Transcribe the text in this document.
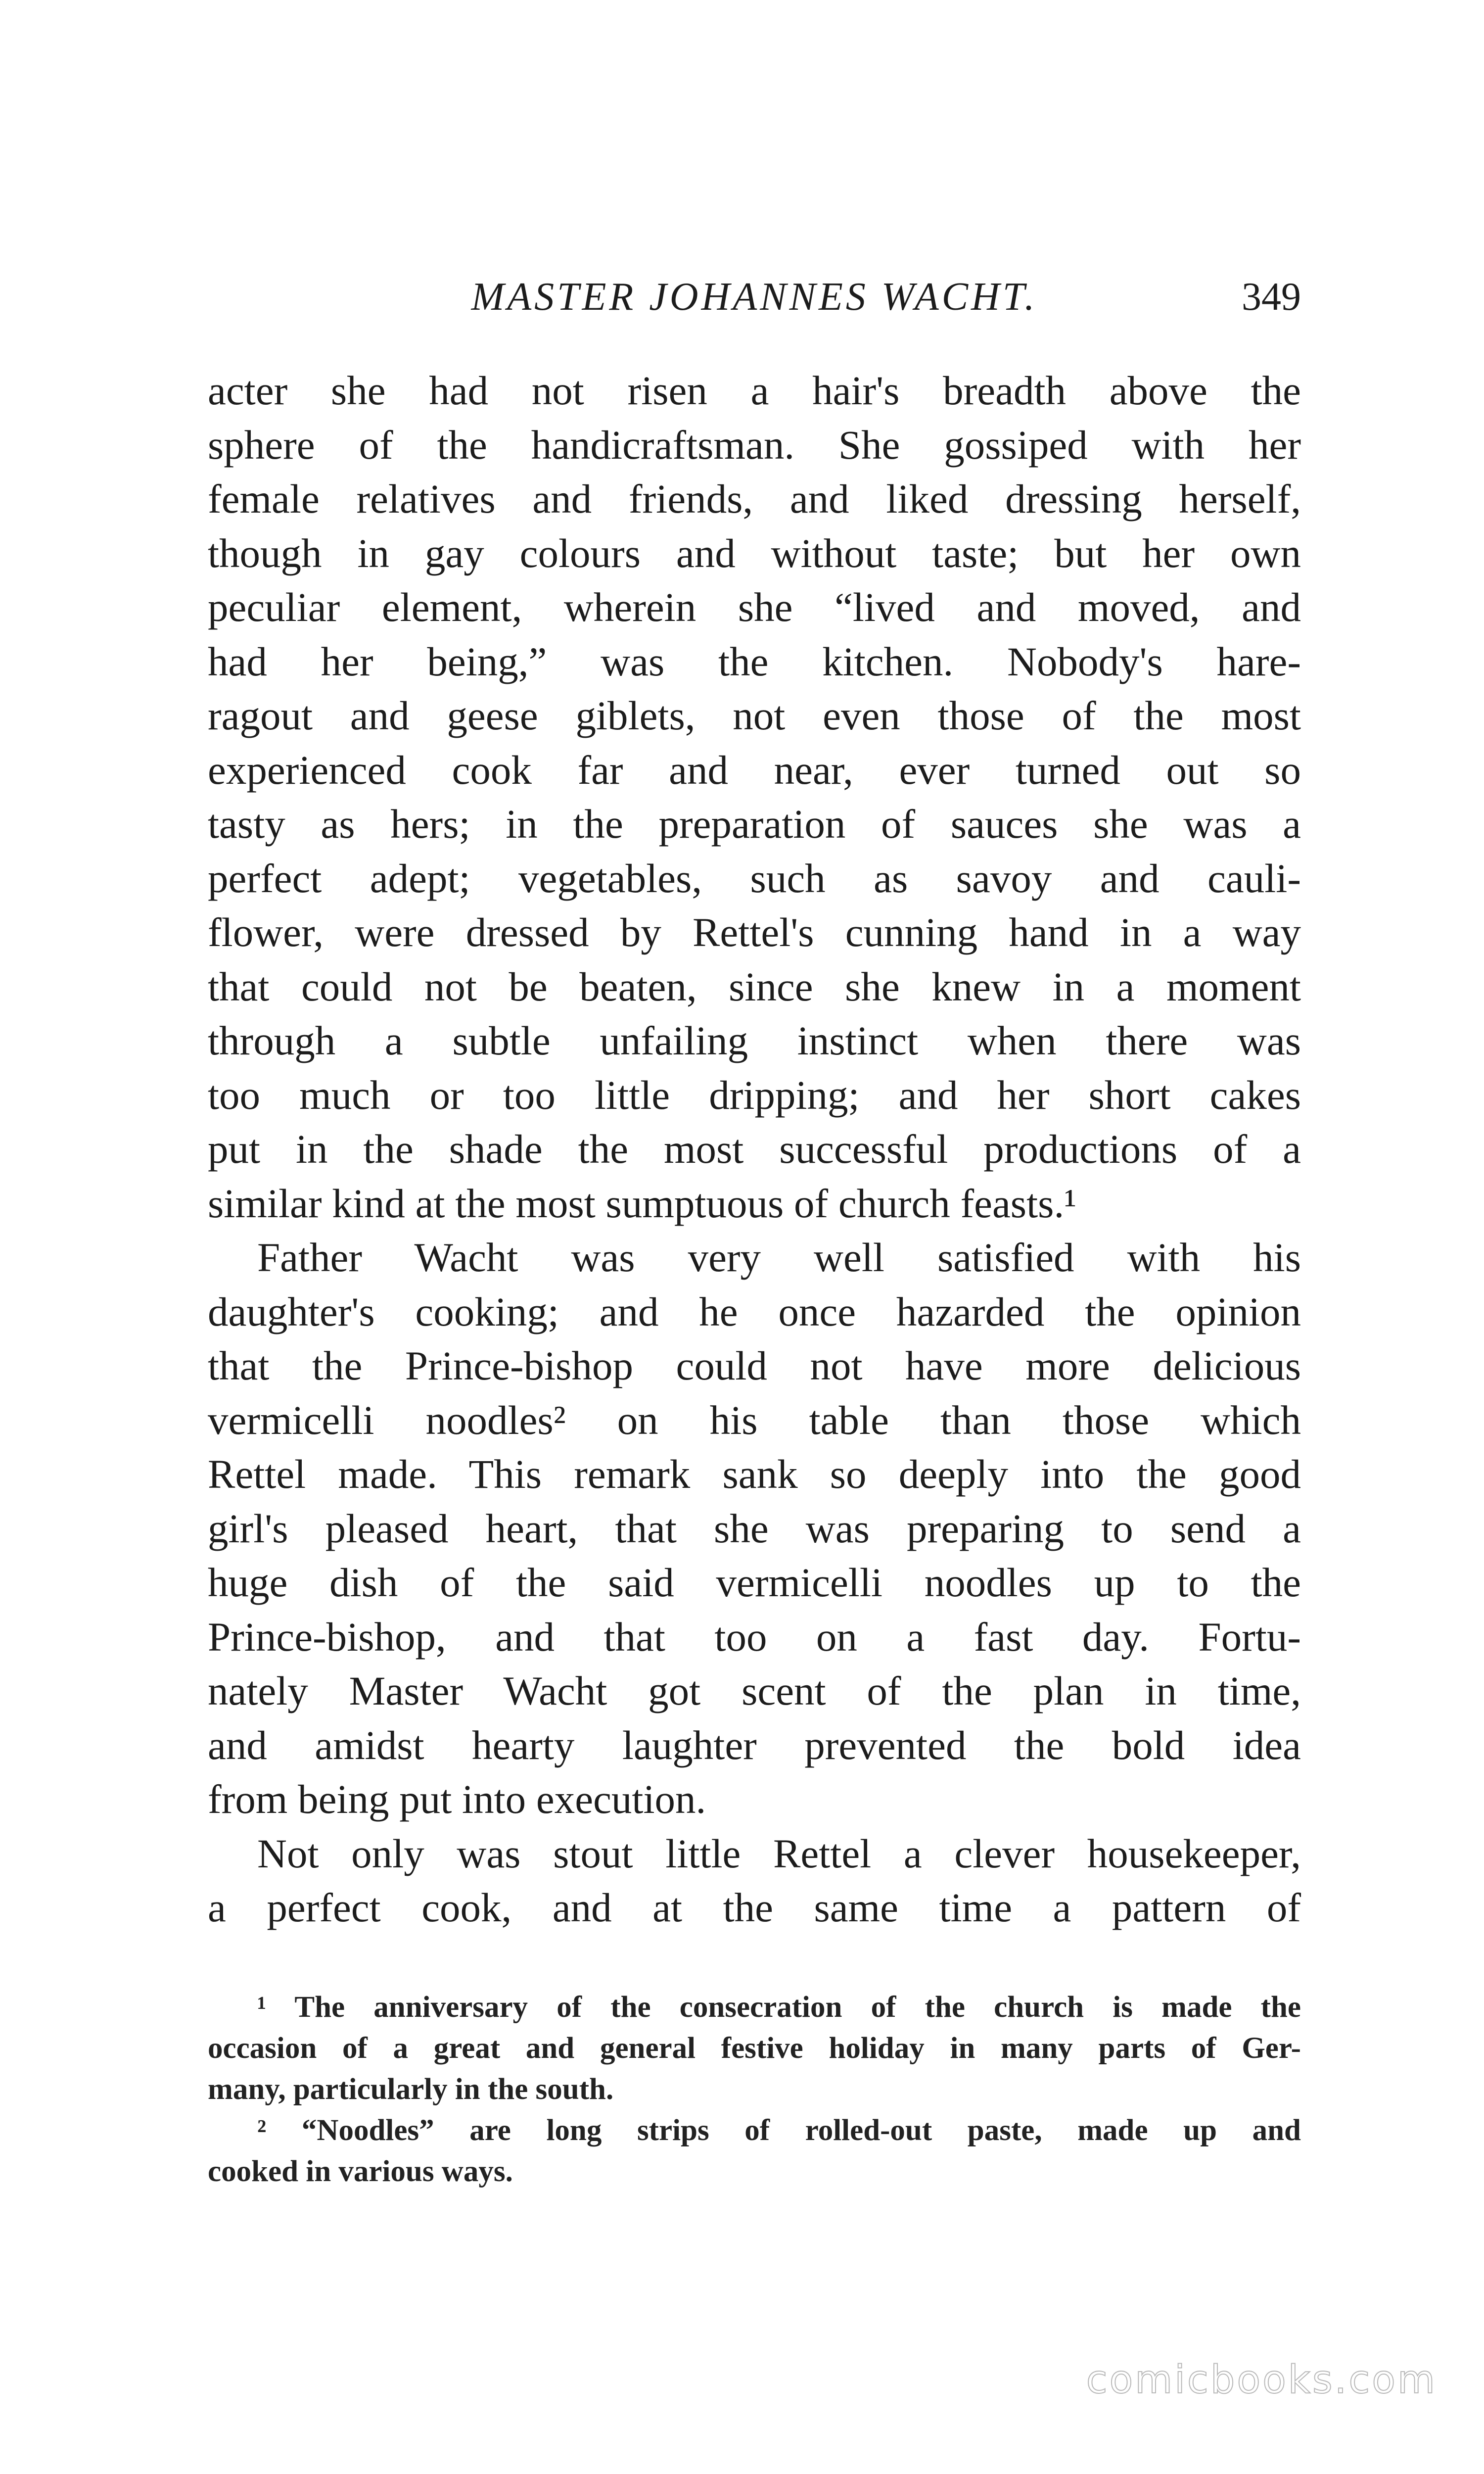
MASTER JOHANNES WACHT.	349
acter she had not risen a hair's breadth above the
sphere of the handicraftsman. She gossiped with her
female relatives and friends, and liked dressing herself,
though in gay colours and without taste; but her own
peculiar element, wherein she “lived and moved, and
had her being,” was the kitchen. Nobody's hare-
ragout and geese giblets, not even those of the most
experienced cook far and near, ever turned out so
tasty as hers; in the preparation of sauces she was a
perfect adept; vegetables, such as savoy and cauli-
flower, were dressed by Rettel's cunning hand in a way
that could not be beaten, since she knew in a moment
through a subtle unfailing instinct when there was
too much or too little dripping; and her short cakes
put in the shade the most successful productions of a
similar kind at the most sumptuous of church feasts.¹
Father Wacht was very well satisfied with his
daughter's cooking; and he once hazarded the opinion
that the Prince-bishop could not have more delicious
vermicelli noodles² on his table than those which
Rettel made. This remark sank so deeply into the good
girl's pleased heart, that she was preparing to send a
huge dish of the said vermicelli noodles up to the
Prince-bishop, and that too on a fast day. Fortu-
nately Master Wacht got scent of the plan in time,
and amidst hearty laughter prevented the bold idea
from being put into execution.
Not only was stout little Rettel a clever housekeeper,
a perfect cook, and at the same time a pattern of
¹ The anniversary of the consecration of the church is made the
occasion of a great and general festive holiday in many parts of Ger-
many, particularly in the south.
² “Noodles” are long strips of rolled-out paste, made up and
cooked in various ways.
comicbooks.com
